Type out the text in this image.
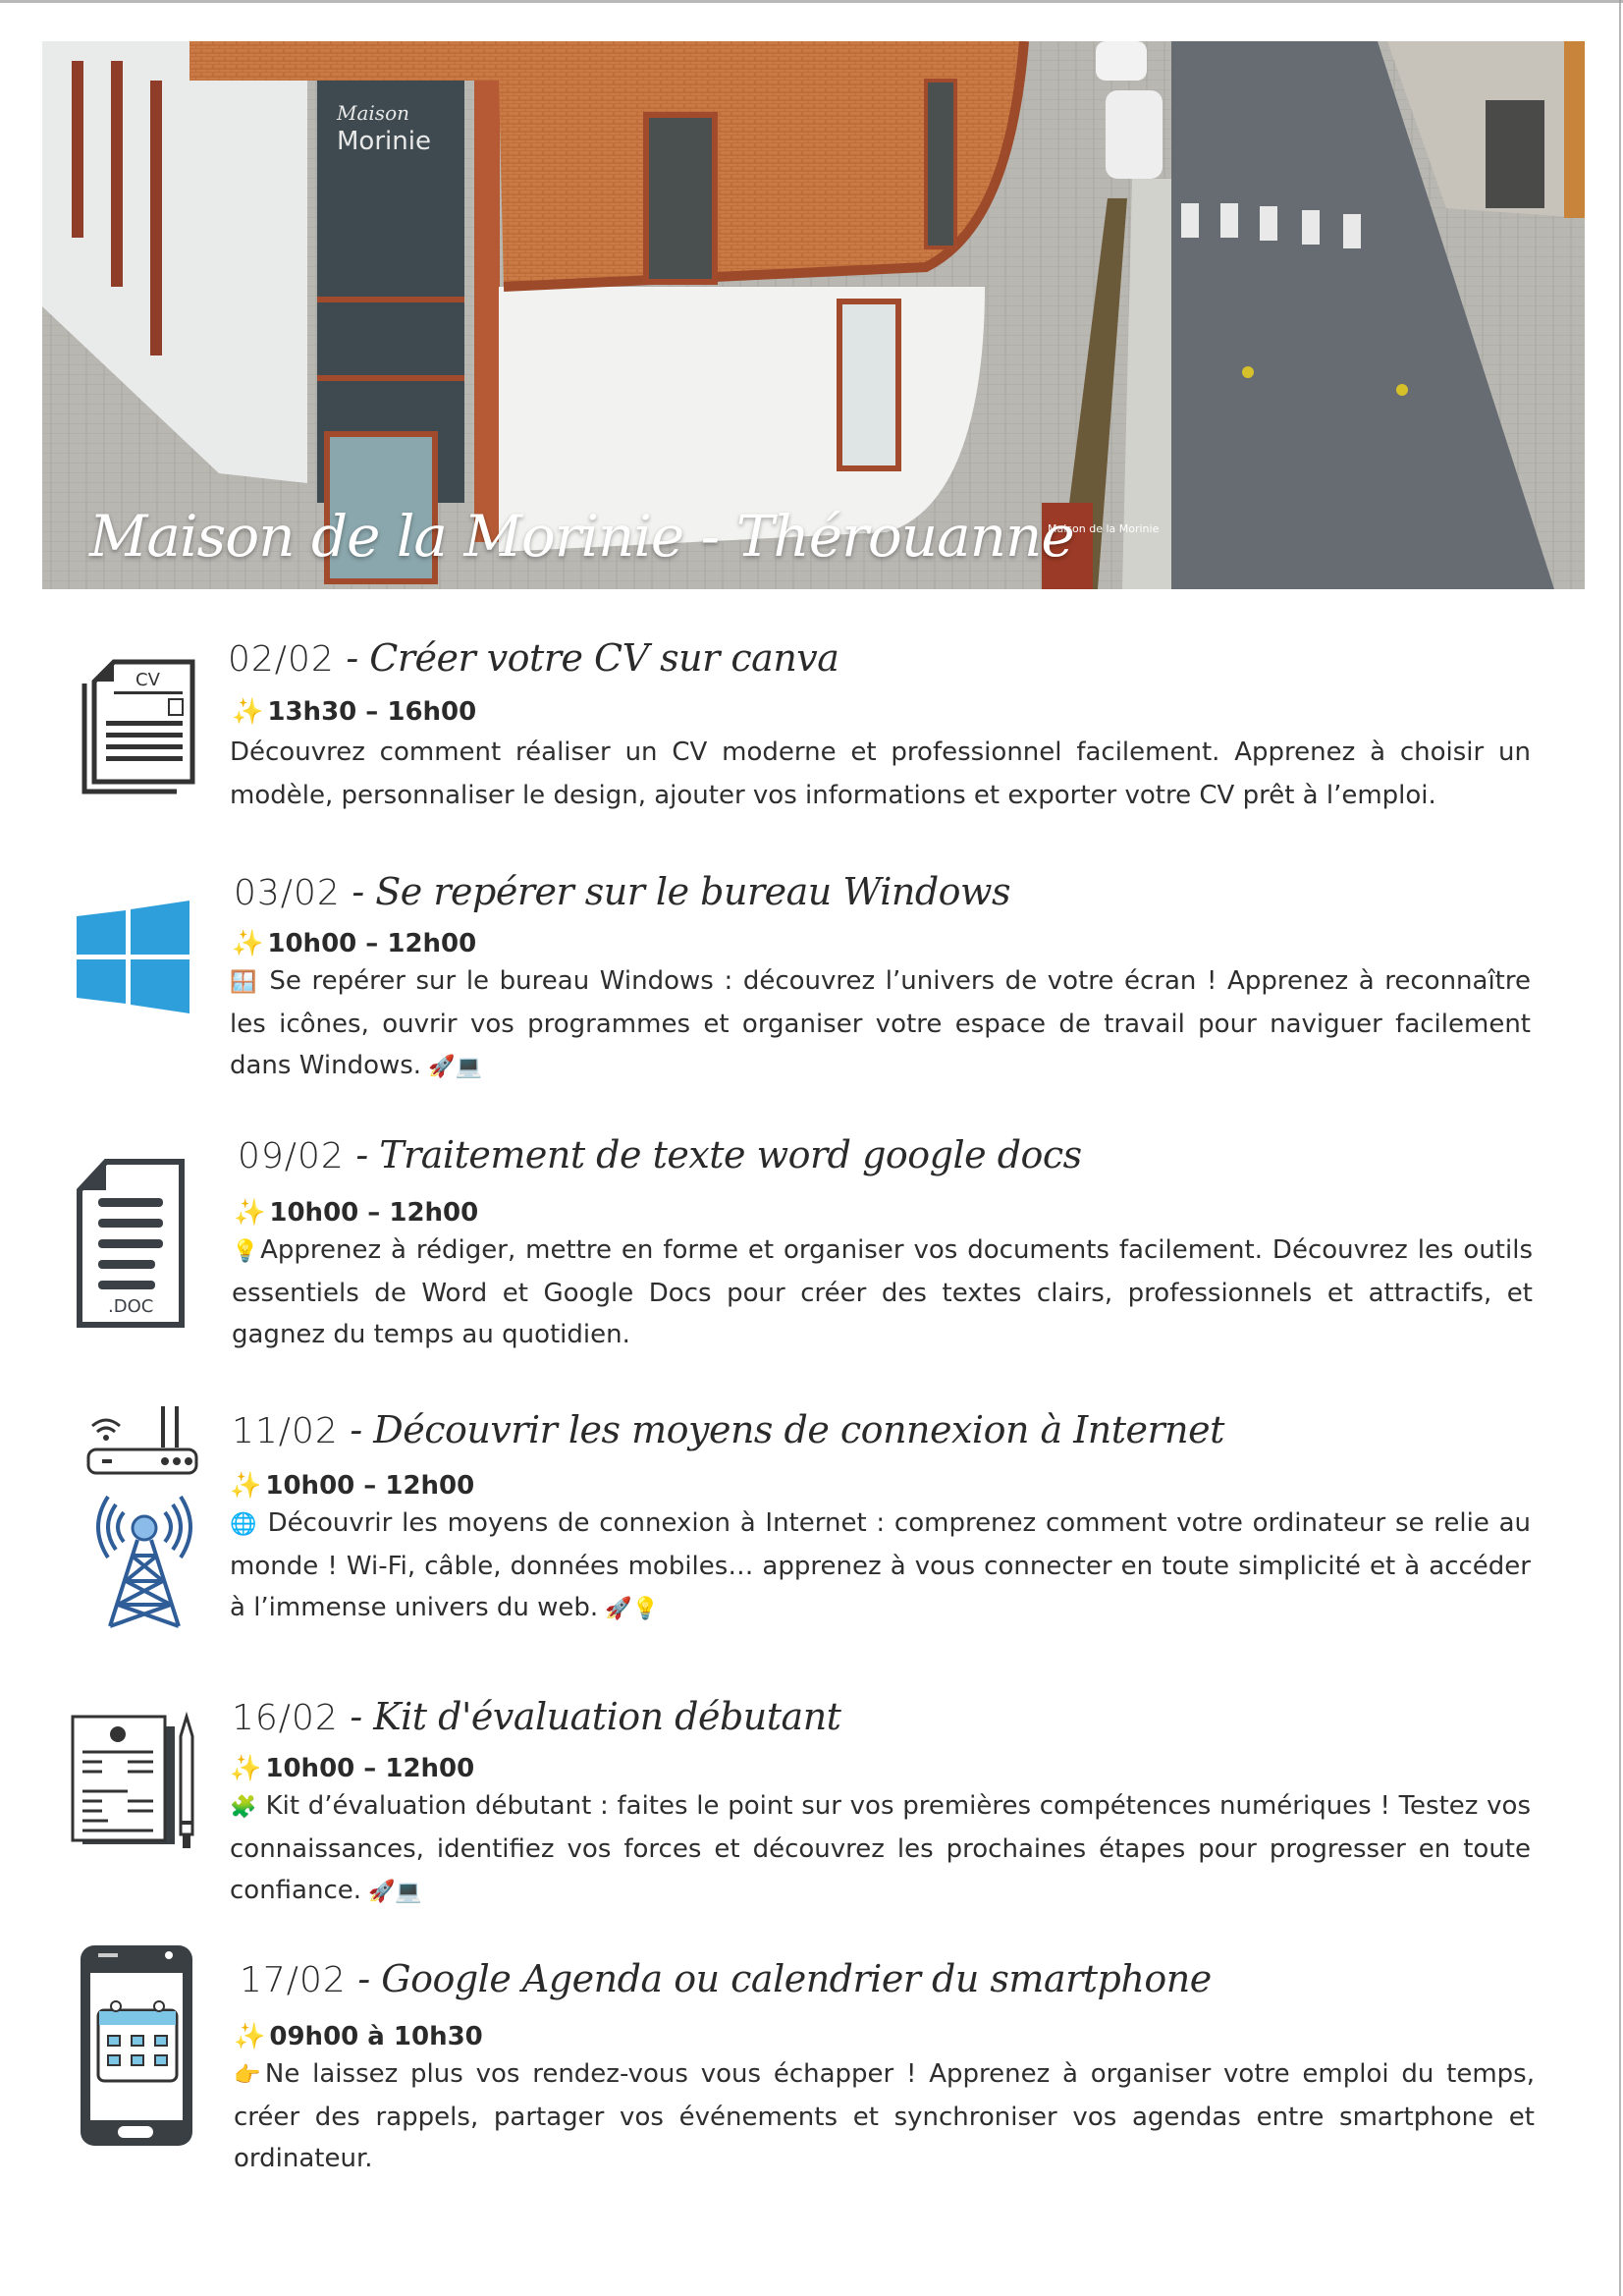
Maison
Morinie
Maison de la Morinie
Maison de la Morinie - Thérouanne
CV
02/02 - Créer votre CV sur canva
✨ 13h30 – 16h00
Découvrez comment réaliser un CV moderne et professionnel facilement. Apprenez à choisir un modèle, personnaliser le design, ajouter vos informations et exporter votre CV prêt à l’emploi.
03/02 - Se repérer sur le bureau Windows
✨ 10h00 – 12h00
🪟 Se repérer sur le bureau Windows : découvrez l’univers de votre écran ! Apprenez à reconnaître les icônes, ouvrir vos programmes et organiser votre espace de travail pour naviguer facilement dans Windows. 🚀💻
.DOC
09/02 - Traitement de texte word google docs
✨ 10h00 – 12h00
💡Apprenez à rédiger, mettre en forme et organiser vos documents facilement. Découvrez les outils essentiels de Word et Google Docs pour créer des textes clairs, professionnels et attractifs, et gagnez du temps au quotidien.
11/02 - Découvrir les moyens de connexion à Internet
✨ 10h00 – 12h00
🌐 Découvrir les moyens de connexion à Internet : comprenez comment votre ordinateur se relie au monde ! Wi-Fi, câble, données mobiles… apprenez à vous connecter en toute simplicité et à accéder à l’immense univers du web. 🚀💡
16/02 - Kit d'évaluation débutant
✨ 10h00 – 12h00
🧩 Kit d’évaluation débutant : faites le point sur vos premières compétences numériques ! Testez vos connaissances, identifiez vos forces et découvrez les prochaines étapes pour progresser en toute confiance. 🚀💻
17/02 - Google Agenda ou calendrier du smartphone
✨ 09h00 à 10h30
👉Ne laissez plus vos rendez-vous vous échapper ! Apprenez à organiser votre emploi du temps, créer des rappels, partager vos événements et synchroniser vos agendas entre smartphone et ordinateur.
